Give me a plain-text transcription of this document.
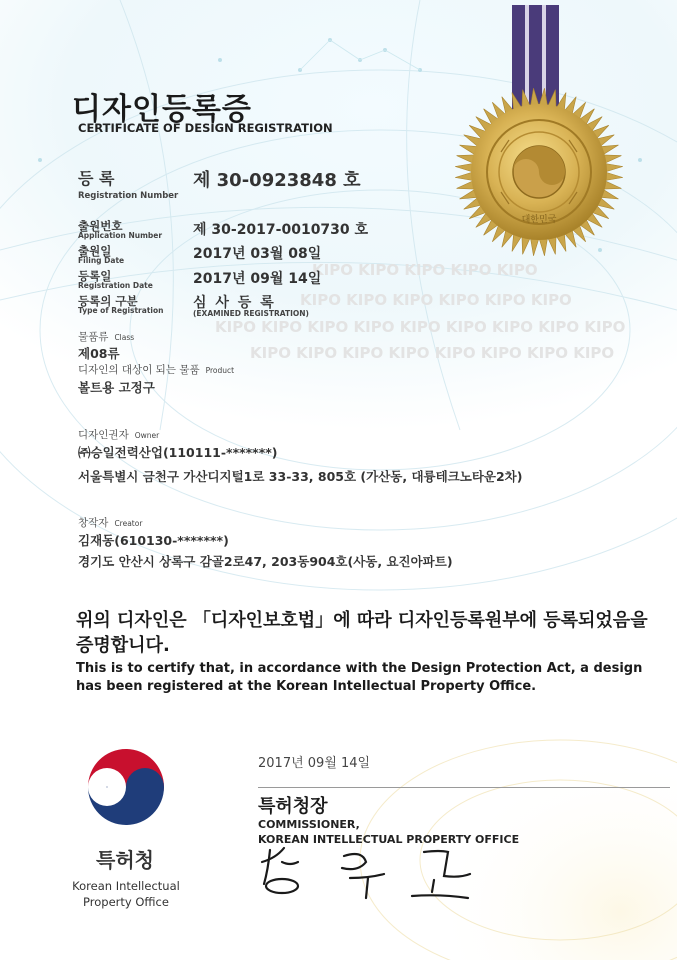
KIPO KIPO KIPO KIPO KIPO
KIPO KIPO KIPO KIPO KIPO KIPO
KIPO KIPO KIPO KIPO KIPO KIPO KIPO KIPO KIPO
KIPO KIPO KIPO KIPO KIPO KIPO KIPO KIPO
대한민국
디자인등록증
CERTIFICATE OF DESIGN REGISTRATION
등 록
Registration Number
제 30-0923848 호
출원번호
Application Number 제 30-2017-0010730 호
출원일
Filing Date	2017년 03월 08일
등록일
Registration Date	2017년 09월 14일
등록의 구분
Type of Registration 심 사 등 록
(EXAMINED REGISTRATION)
물품류 Class
제08류
디자인의 대상이 되는 물품 Product
볼트용 고정구
디자인권자 Owner
㈜승일전력산업(110111-*******)
서울특별시 금천구 가산디지털1로 33-33, 805호 (가산동, 대륭테크노타운2차)
창작자 Creator
김재동(610130-*******)
경기도 안산시 상록구 감골2로47, 203동904호(사동, 요진아파트)
위의 디자인은 「디자인보호법」에 따라 디자인등록원부에 등록되었음을
증명합니다.
This is to certify that, in accordance with the Design Protection Act, a design
has been registered at the Korean Intellectual Property Office.
2017년 09월 14일
특허청장
COMMISSIONER,
KOREAN INTELLECTUAL PROPERTY OFFICE
특허청
Korean Intellectual
Property Office
